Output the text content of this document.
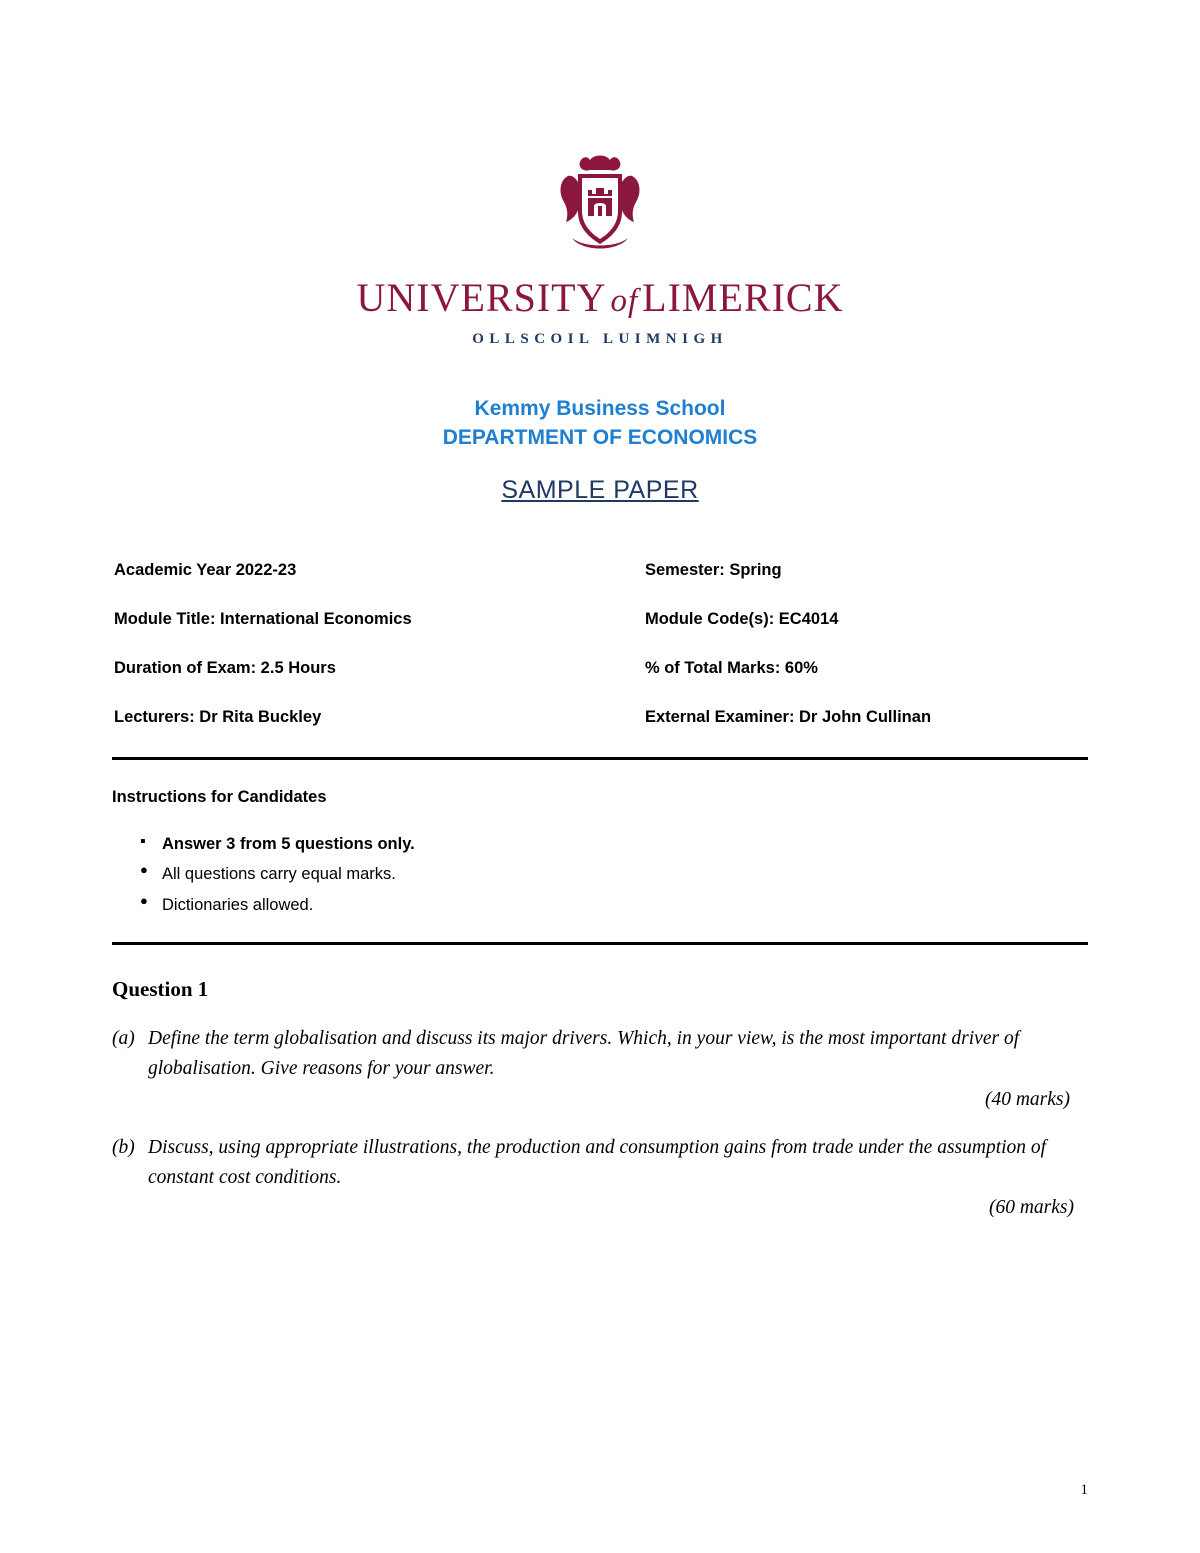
UNIVERSITY of LIMERICK
OLLSCOIL LUIMNIGH
Kemmy Business School
DEPARTMENT OF ECONOMICS
SAMPLE PAPER
Academic Year 2022-23	Semester: Spring
Module Title: International Economics	Module Code(s): EC4014
Duration of Exam: 2.5 Hours	% of Total Marks: 60%
Lecturers: Dr Rita Buckley	External Examiner: Dr John Cullinan
Instructions for Candidates
▪ Answer 3 from 5 questions only.
● All questions carry equal marks.
● Dictionaries allowed.
Question 1
(a) Define the term globalisation and discuss its major drivers. Which, in your view, is the most important driver of globalisation. Give reasons for your answer.
(40 marks)
(b) Discuss, using appropriate illustrations, the production and consumption gains from trade under the assumption of constant cost conditions.
(60 marks)
1
